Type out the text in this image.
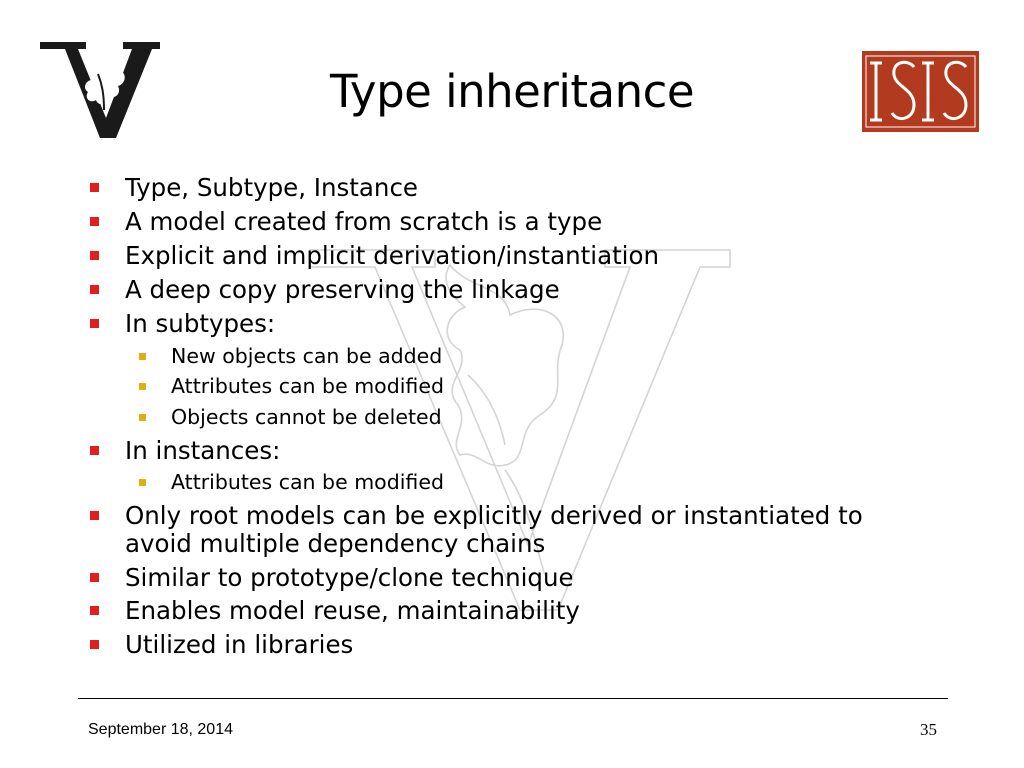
Type inheritance
Type, Subtype, Instance
A model created from scratch is a type
Explicit and implicit derivation/instantiation
A deep copy preserving the linkage
In subtypes:
New objects can be added
Attributes can be modified
Objects cannot be deleted
In instances:
Attributes can be modified
Only root models can be explicitly derived or instantiated to
avoid multiple dependency chains
Similar to prototype/clone technique
Enables model reuse, maintainability
Utilized in libraries
September 18, 2014	35
